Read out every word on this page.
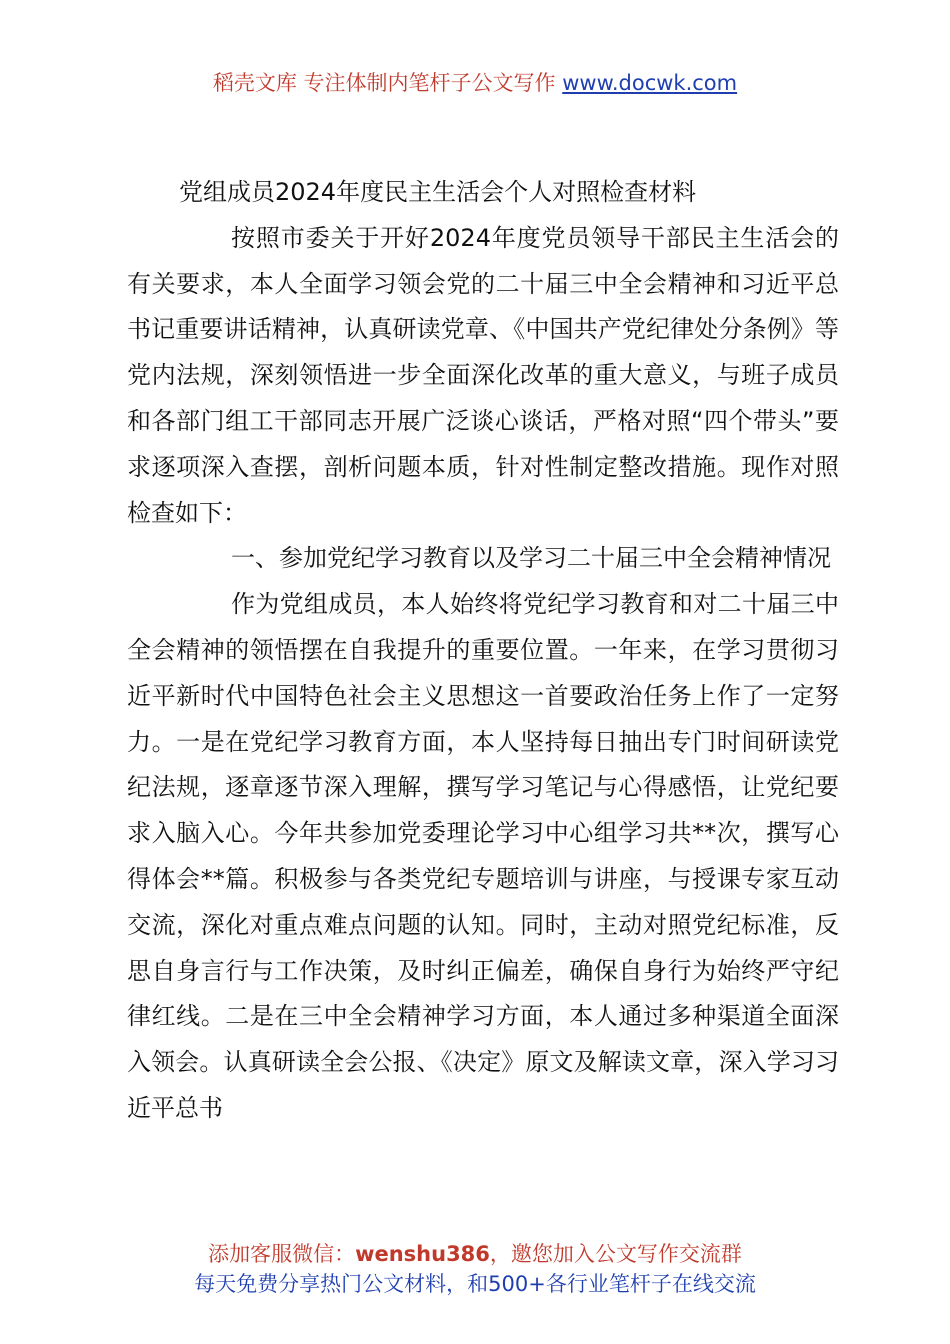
稻壳文库 专注体制内笔杆子公文写作 www.docwk.com
党组成员2024年度民主生活会个人对照检查材料

按照市委关于开好2024年度党员领导干部民主生活会的有关要求，本人全面学习领会党的二十届三中全会精神和习近平总书记重要讲话精神，认真研读党章、《中国共产党纪律处分条例》等党内法规，深刻领悟进一步全面深化改革的重大意义，与班子成员和各部门组工干部同志开展广泛谈心谈话，严格对照“四个带头”要求逐项深入查摆，剖析问题本质，针对性制定整改措施。现作对照检查如下：

一、参加党纪学习教育以及学习二十届三中全会精神情况

作为党组成员，本人始终将党纪学习教育和对二十届三中全会精神的领悟摆在自我提升的重要位置。一年来，在学习贯彻习近平新时代中国特色社会主义思想这一首要政治任务上作了一定努力。一是在党纪学习教育方面，本人坚持每日抽出专门时间研读党纪法规，逐章逐节深入理解，撰写学习笔记与心得感悟，让党纪要求入脑入心。今年共参加党委理论学习中心组学习共**次，撰写心得体会**篇。积极参与各类党纪专题培训与讲座，与授课专家互动交流，深化对重点难点问题的认知。同时，主动对照党纪标准，反思自身言行与工作决策，及时纠正偏差，确保自身行为始终严守纪律红线。二是在三中全会精神学习方面，本人通过多种渠道全面深入领会。认真研读全会公报、《决定》原文及解读文章，深入学习习近平总书

添加客服微信：wenshu386，邀您加入公文写作交流群
每天免费分享热门公文材料，和500+各行业笔杆子在线交流
